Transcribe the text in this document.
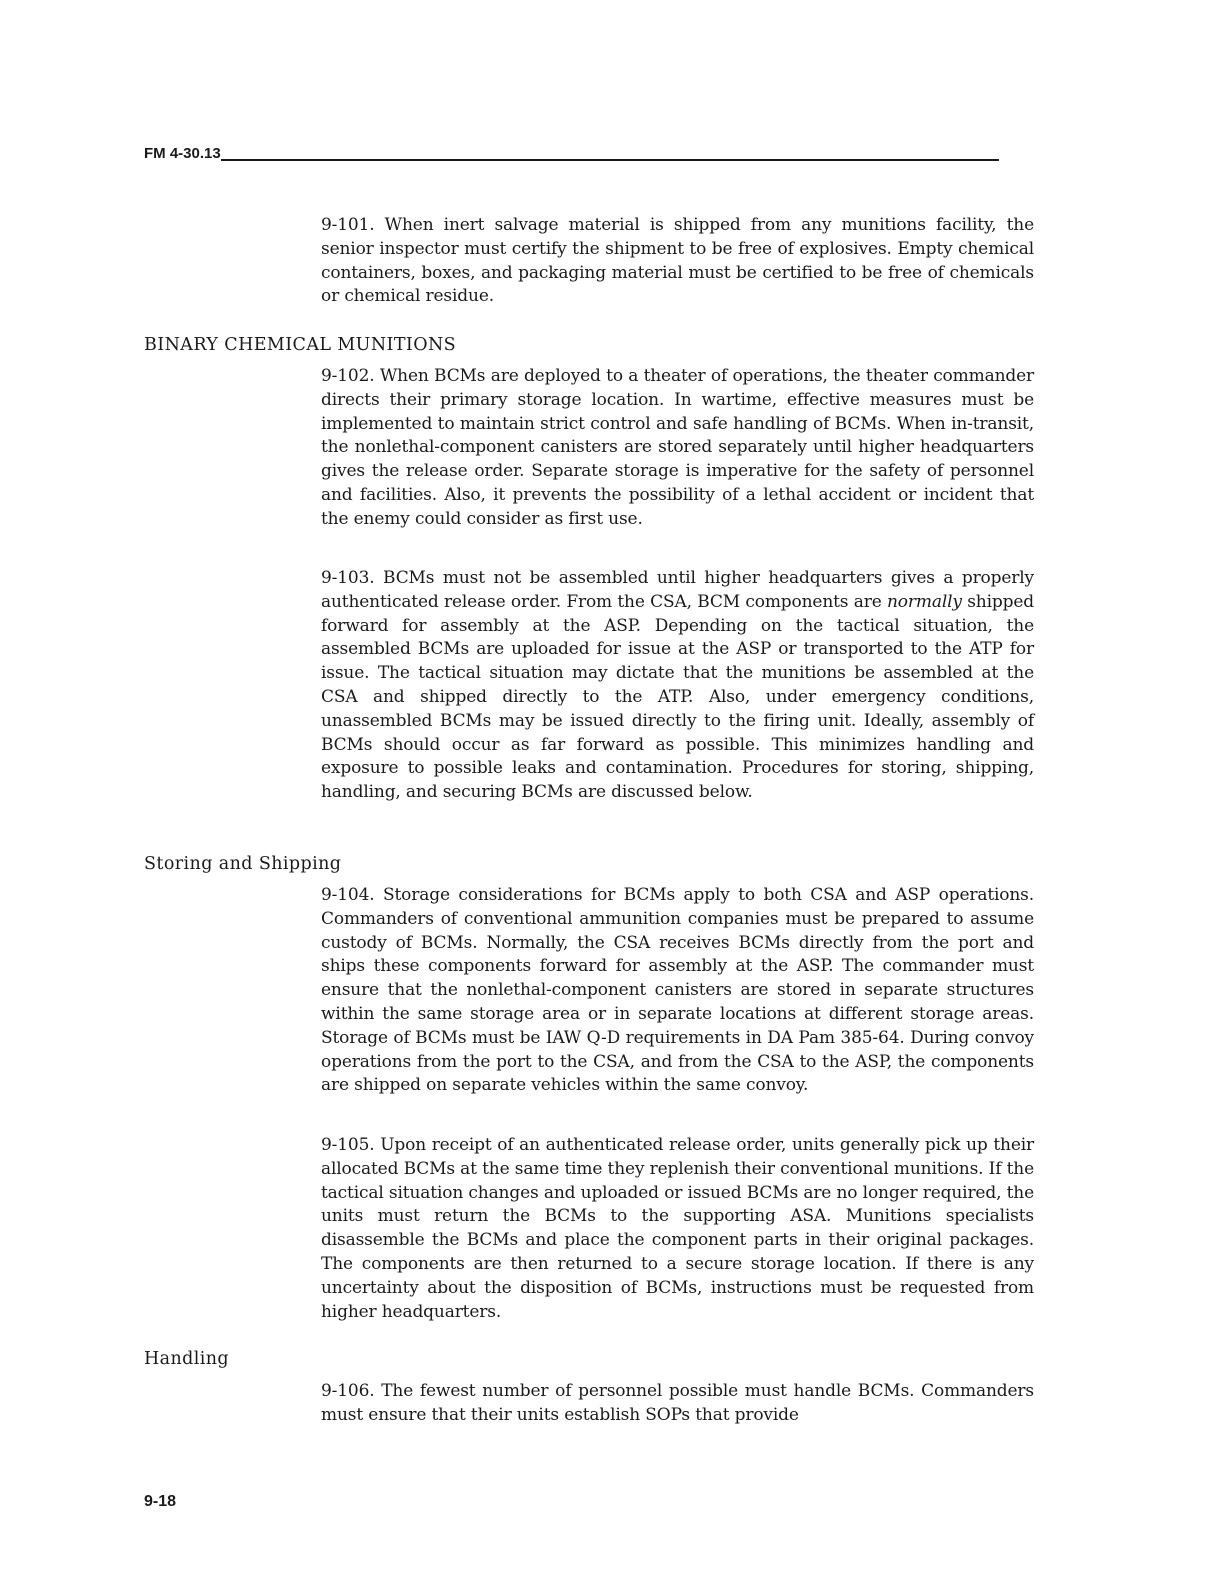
FM 4-30.13

9-101. When inert salvage material is shipped from any munitions facility, the senior inspector must certify the shipment to be free of explosives. Empty chemical containers, boxes, and packaging material must be certified to be free of chemicals or chemical residue.

BINARY CHEMICAL MUNITIONS

9-102. When BCMs are deployed to a theater of operations, the theater commander directs their primary storage location. In wartime, effective measures must be implemented to maintain strict control and safe handling of BCMs. When in-transit, the nonlethal-component canisters are stored separately until higher headquarters gives the release order. Separate storage is imperative for the safety of personnel and facilities. Also, it prevents the possibility of a lethal accident or incident that the enemy could consider as first use.

9-103. BCMs must not be assembled until higher headquarters gives a properly authenticated release order. From the CSA, BCM components are normally shipped forward for assembly at the ASP. Depending on the tactical situation, the assembled BCMs are uploaded for issue at the ASP or transported to the ATP for issue. The tactical situation may dictate that the munitions be assembled at the CSA and shipped directly to the ATP. Also, under emergency conditions, unassembled BCMs may be issued directly to the firing unit. Ideally, assembly of BCMs should occur as far forward as possible. This minimizes handling and exposure to possible leaks and contamination. Procedures for storing, shipping, handling, and securing BCMs are discussed below.

Storing and Shipping

9-104. Storage considerations for BCMs apply to both CSA and ASP operations. Commanders of conventional ammunition companies must be prepared to assume custody of BCMs. Normally, the CSA receives BCMs directly from the port and ships these components forward for assembly at the ASP. The commander must ensure that the nonlethal-component canisters are stored in separate structures within the same storage area or in separate locations at different storage areas. Storage of BCMs must be IAW Q-D requirements in DA Pam 385-64. During convoy operations from the port to the CSA, and from the CSA to the ASP, the components are shipped on separate vehicles within the same convoy.

9-105. Upon receipt of an authenticated release order, units generally pick up their allocated BCMs at the same time they replenish their conventional munitions. If the tactical situation changes and uploaded or issued BCMs are no longer required, the units must return the BCMs to the supporting ASA. Munitions specialists disassemble the BCMs and place the component parts in their original packages. The components are then returned to a secure storage location. If there is any uncertainty about the disposition of BCMs, instructions must be requested from higher headquarters.

Handling

9-106. The fewest number of personnel possible must handle BCMs. Commanders must ensure that their units establish SOPs that provide

9-18
